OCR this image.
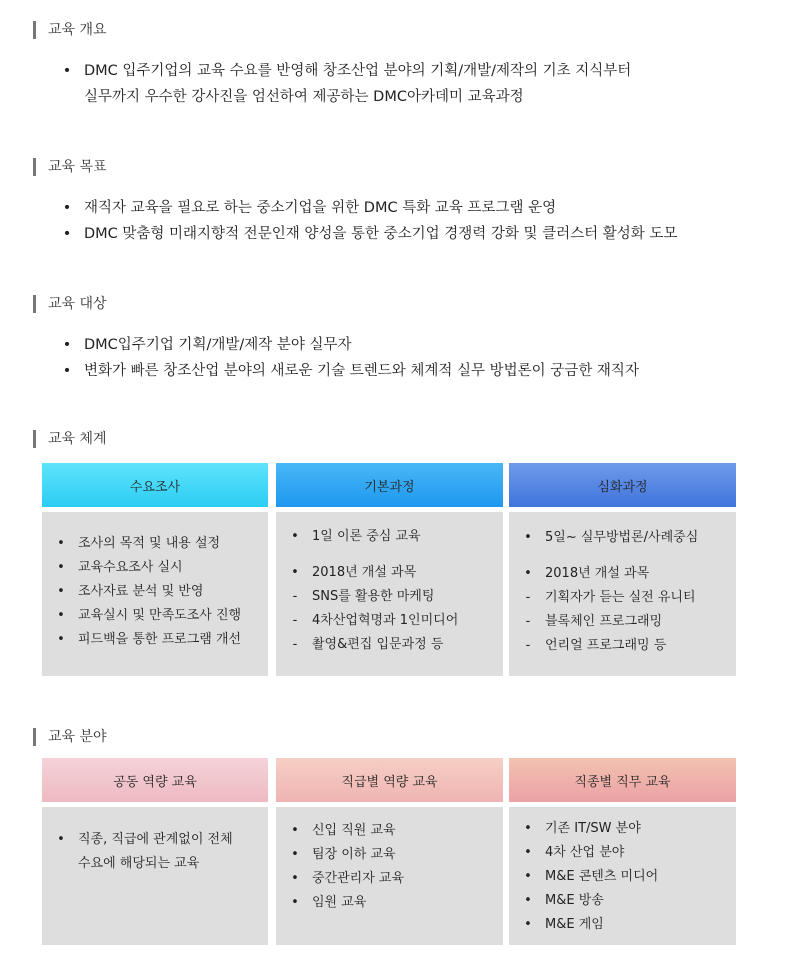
교육 개요
• DMC 입주기업의 교육 수요를 반영해 창조산업 분야의 기획/개발/제작의 기초 지식부터
실무까지 우수한 강사진을 엄선하여 제공하는 DMC아카데미 교육과정
교육 목표
• 재직자 교육을 필요로 하는 중소기업을 위한 DMC 특화 교육 프로그램 운영
• DMC 맞춤형 미래지향적 전문인재 양성을 통한 중소기업 경쟁력 강화 및 클러스터 활성화 도모
교육 대상
• DMC입주기업 기획/개발/제작 분야 실무자
• 변화가 빠른 창조산업 분야의 새로운 기술 트렌드와 체계적 실무 방법론이 궁금한 재직자
교육 체계
수요조사
• 조사의 목적 및 내용 설정
• 교육수요조사 실시
• 조사자료 분석 및 반영
• 교육실시 및 만족도조사 진행
• 피드백을 통한 프로그램 개선
기본과정
• 1일 이론 중심 교육
• 2018년 개설 과목
- SNS를 활용한 마케팅
- 4차산업혁명과 1인미디어
- 촬영&편집 입문과정 등
심화과정
• 5일~ 실무방법론/사례중심
• 2018년 개설 과목
- 기획자가 듣는 실전 유니티
- 블록체인 프로그래밍
- 언리얼 프로그래밍 등
교육 분야
공동 역량 교육
• 직종, 직급에 관계없이 전체
수요에 해당되는 교육
직급별 역량 교육
• 신입 직원 교육
• 팀장 이하 교육
• 중간관리자 교육
• 임원 교육
직종별 직무 교육
• 기존 IT/SW 분야
• 4차 산업 분야
• M&E 콘텐츠 미디어
• M&E 방송
• M&E 게임
